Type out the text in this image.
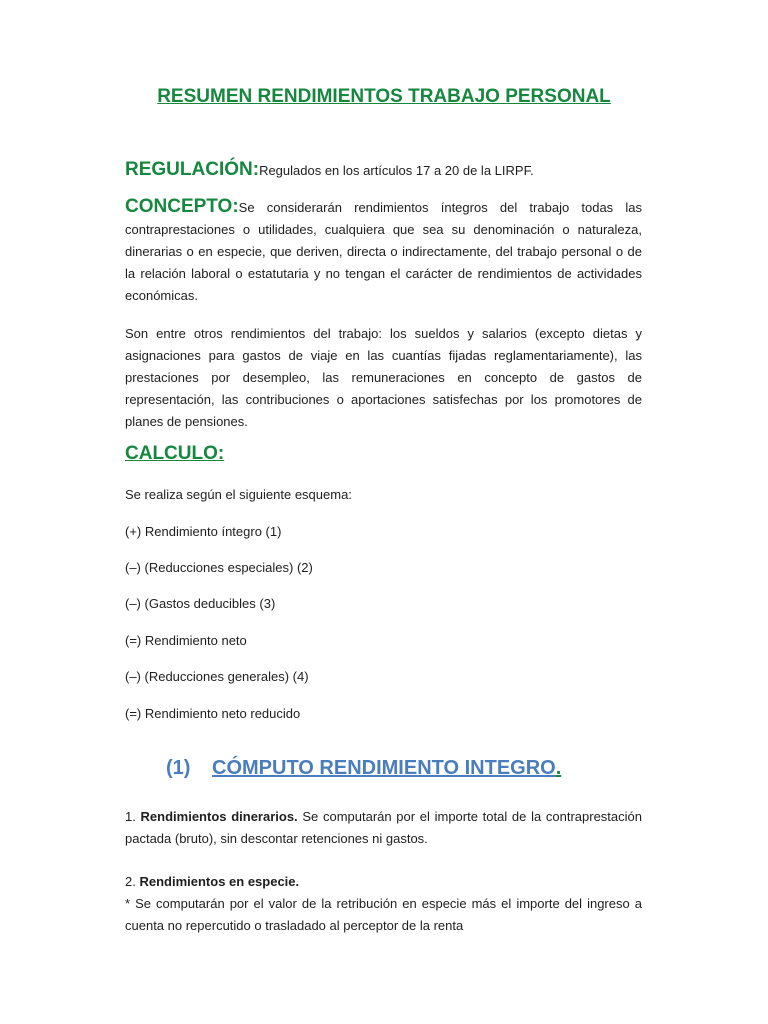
RESUMEN RENDIMIENTOS TRABAJO PERSONAL

REGULACIÓN:Regulados en los artículos 17 a 20 de la LIRPF.

CONCEPTO:Se considerarán rendimientos íntegros del trabajo todas las contraprestaciones o utilidades, cualquiera que sea su denominación o naturaleza, dinerarias o en especie, que deriven, directa o indirectamente, del trabajo personal o de la relación laboral o estatutaria y no tengan el carácter de rendimientos de actividades económicas.

Son entre otros rendimientos del trabajo: los sueldos y salarios (excepto dietas y asignaciones para gastos de viaje en las cuantías fijadas reglamentariamente), las prestaciones por desempleo, las remuneraciones en concepto de gastos de representación, las contribuciones o aportaciones satisfechas por los promotores de planes de pensiones.

CALCULO:

Se realiza según el siguiente esquema:

(+) Rendimiento íntegro (1)

(–) (Reducciones especiales) (2)

(–) (Gastos deducibles (3)

(=) Rendimiento neto

(–) (Reducciones generales) (4)

(=) Rendimiento neto reducido

(1) CÓMPUTO RENDIMIENTO INTEGRO.

1. Rendimientos dinerarios. Se computarán por el importe total de la contraprestación pactada (bruto), sin descontar retenciones ni gastos.

2. Rendimientos en especie.

* Se computarán por el valor de la retribución en especie más el importe del ingreso a cuenta no repercutido o trasladado al perceptor de la renta
